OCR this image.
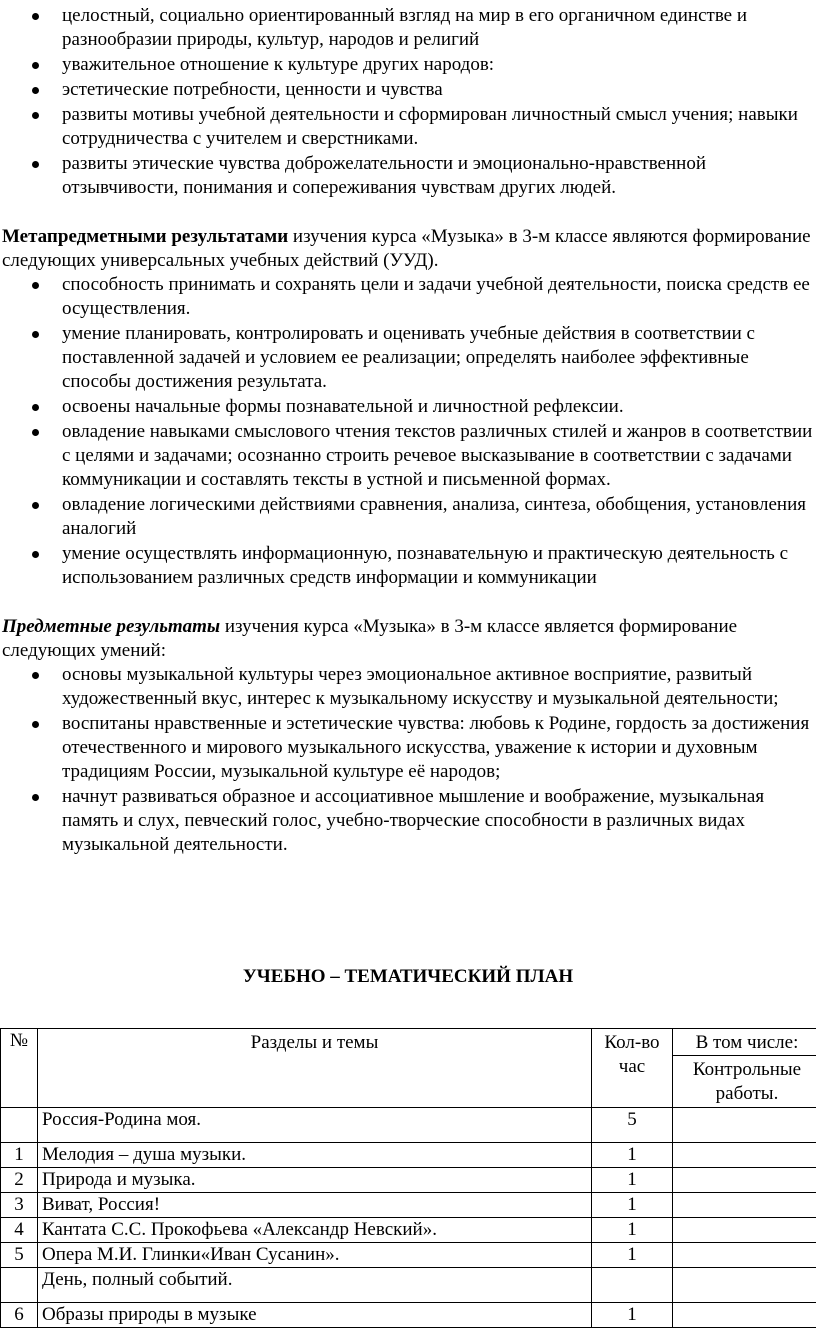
целостный, социально ориентированный взгляд на мир в его органичном единстве и разнообразии природы, культур, народов и религий
уважительное отношение к культуре других народов:
эстетические потребности, ценности и чувства
развиты мотивы учебной деятельности и сформирован личностный смысл учения; навыки сотрудничества с учителем и сверстниками.
развиты этические чувства доброжелательности и эмоционально-нравственной отзывчивости, понимания и сопереживания чувствам других людей.

Метапредметными результатами изучения курса «Музыка» в 3-м классе являются формирование следующих универсальных учебных действий (УУД).

способность принимать и сохранять цели и задачи учебной деятельности, поиска средств ее осуществления.
умение планировать, контролировать и оценивать учебные действия в соответствии с поставленной задачей и условием ее реализации; определять наиболее эффективные способы достижения результата.
освоены начальные формы познавательной и личностной рефлексии.
овладение навыками смыслового чтения текстов различных стилей и жанров в соответствии с целями и задачами; осознанно строить речевое высказывание в соответствии с задачами коммуникации и составлять тексты в устной и письменной формах.
овладение логическими действиями сравнения, анализа, синтеза, обобщения, установления аналогий
умение осуществлять информационную, познавательную и практическую деятельность с использованием различных средств информации и коммуникации

Предметные результаты изучения курса «Музыка» в 3-м классе является формирование следующих умений:

основы музыкальной культуры через эмоциональное активное восприятие, развитый художественный вкус, интерес к музыкальному искусству и музыкальной деятельности;
воспитаны нравственные и эстетические чувства: любовь к Родине, гордость за достижения отечественного и мирового музыкального искусства, уважение к истории и духовным традициям России, музыкальной культуре её народов;
начнут развиваться образное и ассоциативное мышление и воображение, музыкальная память и слух, певческий голос, учебно-творческие способности в различных видах музыкальной деятельности.

УЧЕБНО – ТЕМАТИЧЕСКИЙ ПЛАН

№	Разделы и темы	Кол-во час	В том числе:
			Контрольные работы.
	Россия-Родина моя.	5	
1	Мелодия – душа музыки.	1	
2	Природа и музыка.	1	
3	Виват, Россия!	1	
4	Кантата С.С. Прокофьева «Александр Невский».	1	
5	Опера М.И. Глинки«Иван Сусанин».	1	
	День, полный событий.		
6	Образы природы в музыке	1	
